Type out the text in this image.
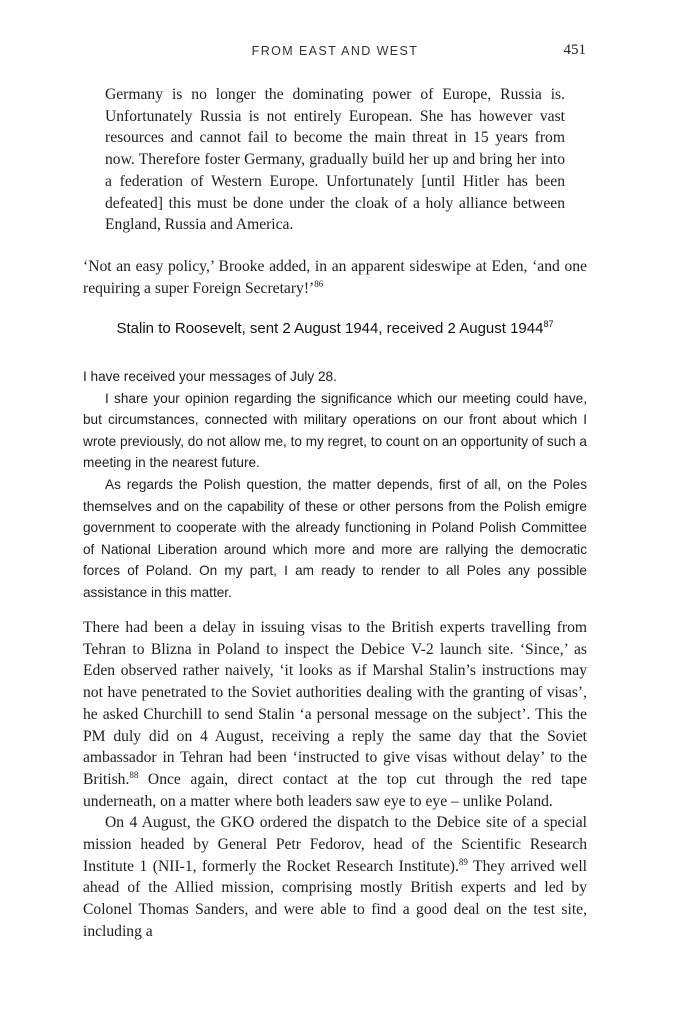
FROM EAST AND WEST	451

Germany is no longer the dominating power of Europe, Russia is. Unfortunately Russia is not entirely European. She has however vast resources and cannot fail to become the main threat in 15 years from now. Therefore foster Germany, gradually build her up and bring her into a federation of Western Europe. Unfortunately [until Hitler has been defeated] this must be done under the cloak of a holy alliance between England, Russia and America.

‘Not an easy policy,’ Brooke added, in an apparent sideswipe at Eden, ‘and one requiring a super Foreign Secretary!’$^{86}$

Stalin to Roosevelt, sent 2 August 1944, received 2 August 1944$^{87}$

I have received your messages of July 28.

I share your opinion regarding the significance which our meeting could have, but circumstances, connected with military operations on our front about which I wrote previously, do not allow me, to my regret, to count on an opportunity of such a meeting in the nearest future.

As regards the Polish question, the matter depends, first of all, on the Poles themselves and on the capability of these or other persons from the Polish emigre government to cooperate with the already functioning in Poland Polish Committee of National Liberation around which more and more are rallying the democratic forces of Poland. On my part, I am ready to render to all Poles any possible assistance in this matter.

There had been a delay in issuing visas to the British experts travelling from Tehran to Blizna in Poland to inspect the Debice V-2 launch site. ‘Since,’ as Eden observed rather naively, ‘it looks as if Marshal Stalin’s instructions may not have penetrated to the Soviet authorities dealing with the granting of visas’, he asked Churchill to send Stalin ‘a personal message on the subject’. This the PM duly did on 4 August, receiving a reply the same day that the Soviet ambassador in Tehran had been ‘instructed to give visas without delay’ to the British.$^{88}$ Once again, direct contact at the top cut through the red tape underneath, on a matter where both leaders saw eye to eye – unlike Poland.

On 4 August, the GKO ordered the dispatch to the Debice site of a special mission headed by General Petr Fedorov, head of the Scientific Research Institute 1 (NII-1, formerly the Rocket Research Institute).$^{89}$ They arrived well ahead of the Allied mission, comprising mostly British experts and led by Colonel Thomas Sanders, and were able to find a good deal on the test site, including a
